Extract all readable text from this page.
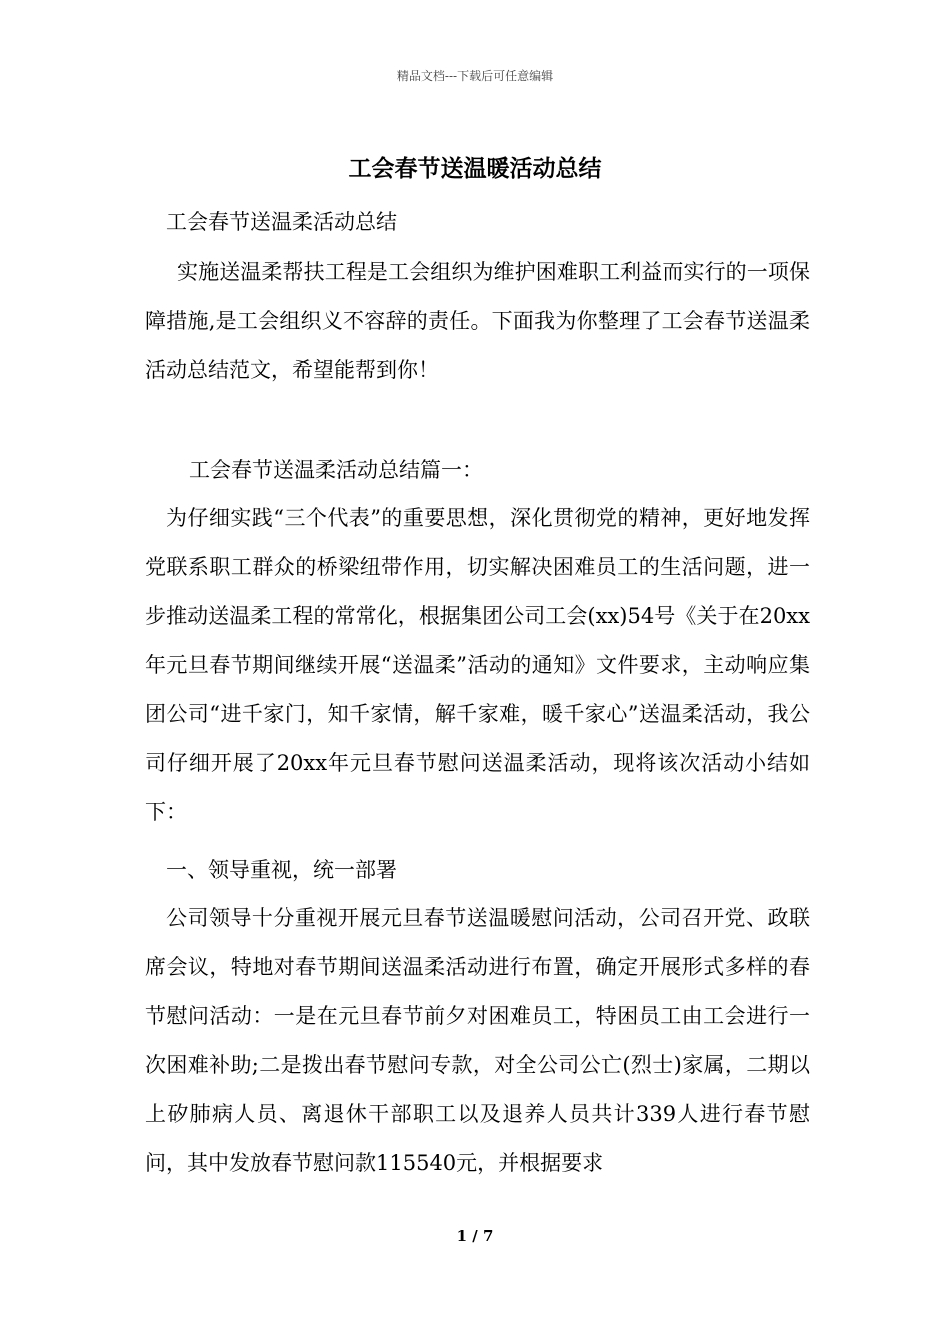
精品文档---下载后可任意编辑
工会春节送温暖活动总结

工会春节送温柔活动总结

实施送温柔帮扶工程是工会组织为维护困难职工利益而实行的一项保障措施,是工会组织义不容辞的责任。下面我为你整理了工会春节送温柔活动总结范文，希望能帮到你！

工会春节送温柔活动总结篇一：

为仔细实践“三个代表”的重要思想，深化贯彻党的精神，更好地发挥党联系职工群众的桥梁纽带作用，切实解决困难员工的生活问题，进一步推动送温柔工程的常常化，根据集团公司工会(xx)54号《关于在20xx年元旦春节期间继续开展“送温柔”活动的通知》文件要求，主动响应集团公司“进千家门，知千家情，解千家难，暖千家心”送温柔活动，我公司仔细开展了20xx年元旦春节慰问送温柔活动，现将该次活动小结如下：

一、领导重视，统一部署

公司领导十分重视开展元旦春节送温暖慰问活动，公司召开党、政联席会议，特地对春节期间送温柔活动进行布置，确定开展形式多样的春节慰问活动：一是在元旦春节前夕对困难员工，特困员工由工会进行一次困难补助;二是拨出春节慰问专款，对全公司公亡(烈士)家属，二期以上矽肺病人员、离退休干部职工以及退养人员共计339人进行春节慰问，其中发放春节慰问款115540元，并根据要求

1 / 7
